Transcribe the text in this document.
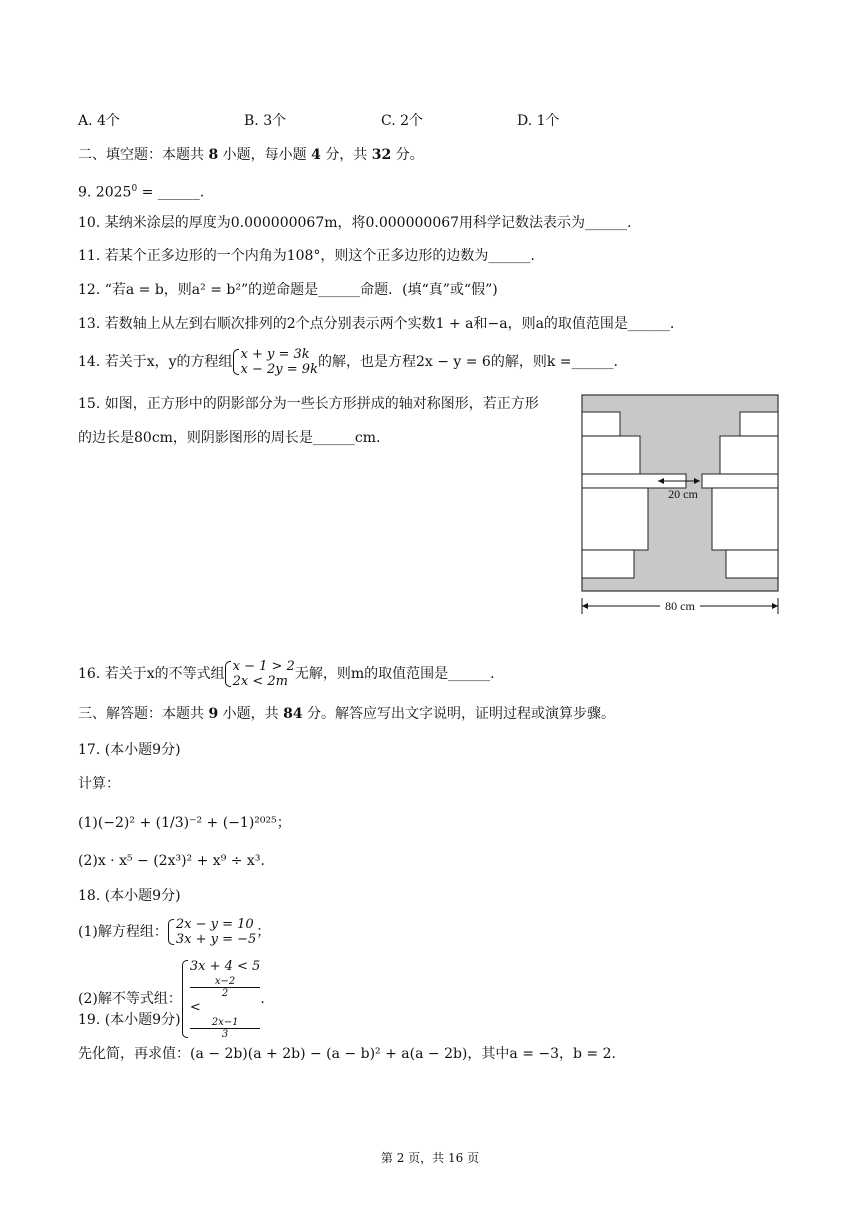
A. 4个	B. 3个	C. 2个	D. 1个
二、填空题：本题共 8 小题，每小题 4 分，共 32 分。
9. $2025^0$ = ______.
10. 某纳米涂层的厚度为0.000000067m，将0.000000067用科学记数法表示为______.
11. 若某个正多边形的一个内角为108°，则这个正多边形的边数为______.
12. “若a = b，则a² = b²”的逆命题是______命题．(填“真”或“假”)
13. 若数轴上从左到右顺次排列的2个点分别表示两个实数1 + a和−a，则a的取值范围是______.
14. 若关于x，y的方程组 x + y = 3k
x − 2y = 9k 的解，也是方程2x − y = 6的解，则k =______.
15. 如图，正方形中的阴影部分为一些长方形拼成的轴对称图形，若正方形
的边长是80cm，则阴影图形的周长是______cm.
20 cm
80 cm
16. 若关于x的不等式组 x − 1 > 2
2x < 2m 无解，则m的取值范围是______.
三、解答题：本题共 9 小题，共 84 分。解答应写出文字说明，证明过程或演算步骤。
17. (本小题9分)
计算：
(1)(−2)² + (1/3)⁻² + (−1)²⁰²⁵；
(2)x · x⁵ − (2x³)² + x⁹ ÷ x³.
18. (本小题9分)
(1)解方程组： 2x − y = 10
3x + y = −5 ；
(2)解不等式组：
3x + 4 < 5
x−2
2
<
2x−1
3
.
19. (本小题9分)
先化简，再求值：(a − 2b)(a + 2b) − (a − b)² + a(a − 2b)，其中a = −3，b = 2.
第 2 页，共 16 页
